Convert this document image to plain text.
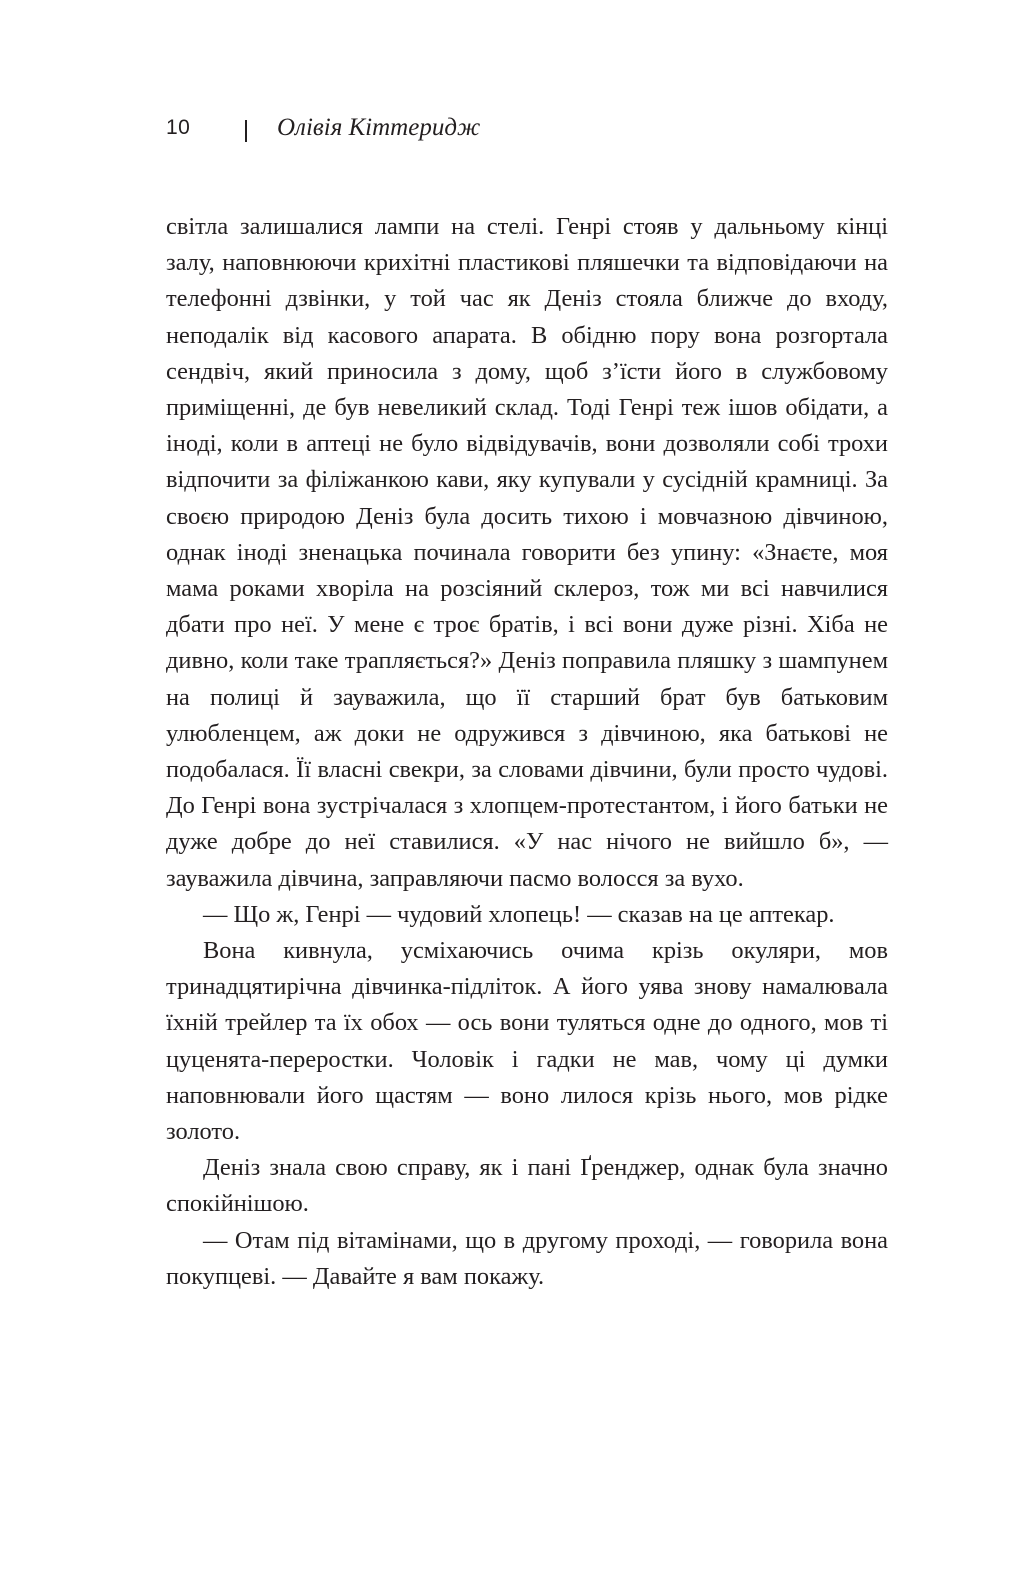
10	Олівія Кіттеридж

світла залишалися лампи на стелі. Генрі стояв у дальньому кінці залу, наповнюючи крихітні пластикові пляшечки та відповідаючи на телефонні дзвінки, у той час як Деніз стояла ближче до входу, неподалік від касового апарата. В обідню пору вона розгортала сендвіч, який приносила з дому, щоб з’їсти його в службовому приміщенні, де був невеликий склад. Тоді Генрі теж ішов обідати, а іноді, коли в аптеці не було відвідувачів, вони дозволяли собі трохи відпочити за філіжанкою кави, яку купували у сусідній крамниці. За своєю природою Деніз була досить тихою і мовчазною дівчиною, однак іноді зненацька починала говорити без упину: «Знаєте, моя мама роками хворіла на розсіяний склероз, тож ми всі навчилися дбати про неї. У мене є троє братів, і всі вони дуже різні. Хіба не дивно, коли таке трапляється?» Деніз поправила пляшку з шампунем на полиці й зауважила, що її старший брат був батьковим улюбленцем, аж доки не одружився з дівчиною, яка батькові не подобалася. Її власні свекри, за словами дівчини, були просто чудові. До Генрі вона зустрічалася з хлопцем-протестантом, і його батьки не дуже добре до неї ставилися. «У нас нічого не вийшло б», — зауважила дівчина, заправляючи пасмо волосся за вухо.

— Що ж, Генрі — чудовий хлопець! — сказав на це аптекар.

Вона кивнула, усміхаючись очима крізь окуляри, мов тринадцятирічна дівчинка-підліток. А його уява знову намалювала їхній трейлер та їх обох — ось вони туляться одне до одного, мов ті цуценята-переростки. Чоловік і гадки не мав, чому ці думки наповнювали його щастям — воно лилося крізь нього, мов рідке золото.

Деніз знала свою справу, як і пані Ґренджер, однак була значно спокійнішою.

— Отам під вітамінами, що в другому проході, — говорила вона покупцеві. — Давайте я вам покажу.
